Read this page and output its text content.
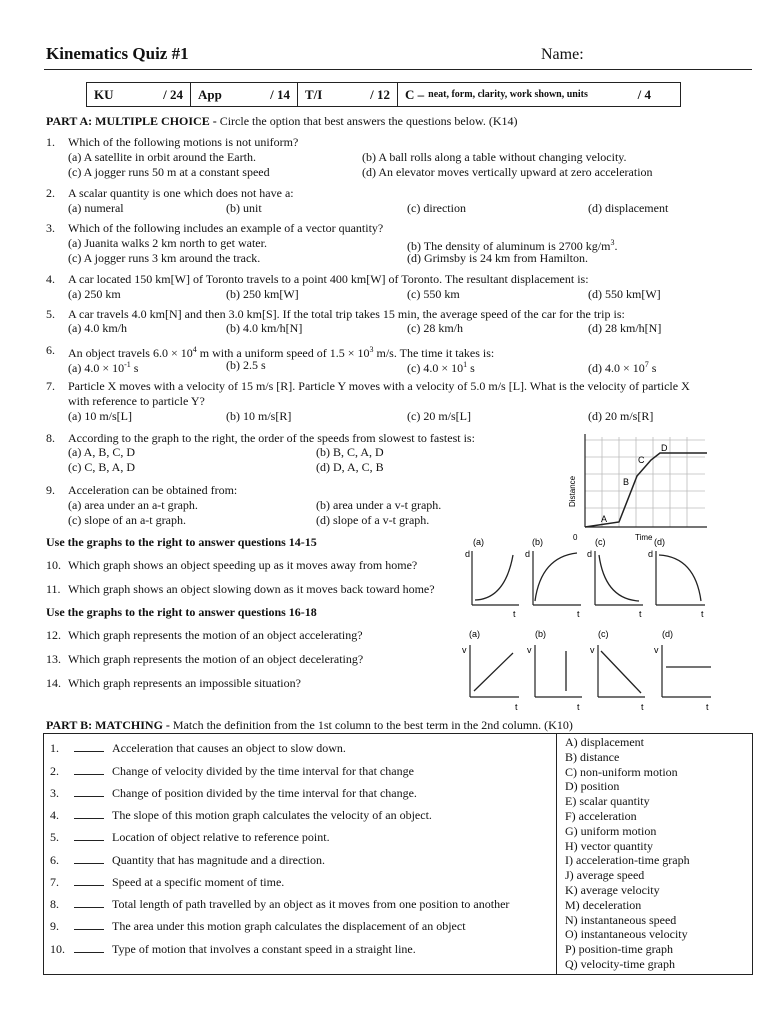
Kinematics Quiz #1	Name:
KU	/ 24 App	/ 14 T/I	/ 12 C – neat, form, clarity, work shown, units	/ 4
PART A: MULTIPLE CHOICE - Circle the option that best answers the questions below. (K14)
1. Which of the following motions is not uniform?
(a) A satellite in orbit around the Earth.	(b) A ball rolls along a table without changing velocity.
(c) A jogger runs 50 m at a constant speed	(d) An elevator moves vertically upward at zero acceleration
2. A scalar quantity is one which does not have a:
(a) numeral	(b) unit	(c) direction	(d) displacement
3. Which of the following includes an example of a vector quantity?
(a) Juanita walks 2 km north to get water.	(b) The density of aluminum is 2700 $kg/m^3$.
(c) A jogger runs 3 km around the track.	(d) Grimsby is 24 km from Hamilton.
4. A car located 150 km[W] of Toronto travels to a point 400 km[W] of Toronto. The resultant displacement is:
(a) 250 km	(b) 250 km[W]	(c) 550 km	(d) 550 km[W]
5. A car travels 4.0 km[N] and then 3.0 km[S]. If the total trip takes 15 min, the average speed of the car for the trip is:
(a) 4.0 km/h	(b) 4.0 km/h[N]	(c) 28 km/h	(d) 28 km/h[N]
6. An object travels $6.0 \times 10^4$ m with a uniform speed of $1.5 \times 10^3$ m/s. The time it takes is:
(a) $4.0 \times 10^{-1}$ s	(b) 2.5 s	(c) $4.0 \times 10^1$ s	(d) $4.0 \times 10^7$ s
7. Particle X moves with a velocity of 15 m/s [R]. Particle Y moves with a velocity of 5.0 m/s [L]. What is the velocity of particle X
with reference to particle Y?
(a) 10 m/s[L]	(b) 10 m/s[R]	(c) 20 m/s[L]	(d) 20 m/s[R]
8. According to the graph to the right, the order of the speeds from slowest to fastest is:
(a) A, B, C, D	(b) B, C, A, D
(c) C, B, A, D	(d) D, A, C, B
9. Acceleration can be obtained from:
(a) area under an a-t graph.	(b) area under a v-t graph.
(c) slope of an a-t graph.	(d) slope of a v-t graph.
Use the graphs to the right to answer questions 14-15
10. Which graph shows an object speeding up as it moves away from home?
11. Which graph shows an object slowing down as it moves back toward home?
Use the graphs to the right to answer questions 16-18
12. Which graph represents the motion of an object accelerating?
13. Which graph represents the motion of an object decelerating?
14. Which graph represents an impossible situation?
A
B
C
D
Distance
Time
0
(a)	(b)	(c)	(d)
d
t
d
t
d
t
d
t
(a)	(b)	(c)	(d)
v
t
v
t
v
t
v
t
PART B: MATCHING - Match the definition from the 1st column to the best term in the 2nd column. (K10)
1.	Acceleration that causes an object to slow down.
2.	Change of velocity divided by the time interval for that change
3.	Change of position divided by the time interval for that change.
4.	The slope of this motion graph calculates the velocity of an object.
5.	Location of object relative to reference point.
6.	Quantity that has magnitude and a direction.
7.	Speed at a specific moment of time.
8.	Total length of path travelled by an object as it moves from one position to another
9.	The area under this motion graph calculates the displacement of an object
10.	Type of motion that involves a constant speed in a straight line.
A) displacement
B) distance
C) non-uniform motion
D) position
E) scalar quantity
F) acceleration
G) uniform motion
H) vector quantity
I) acceleration-time graph
J) average speed
K) average velocity
M) deceleration
N) instantaneous speed
O) instantaneous velocity
P) position-time graph
Q) velocity-time graph
